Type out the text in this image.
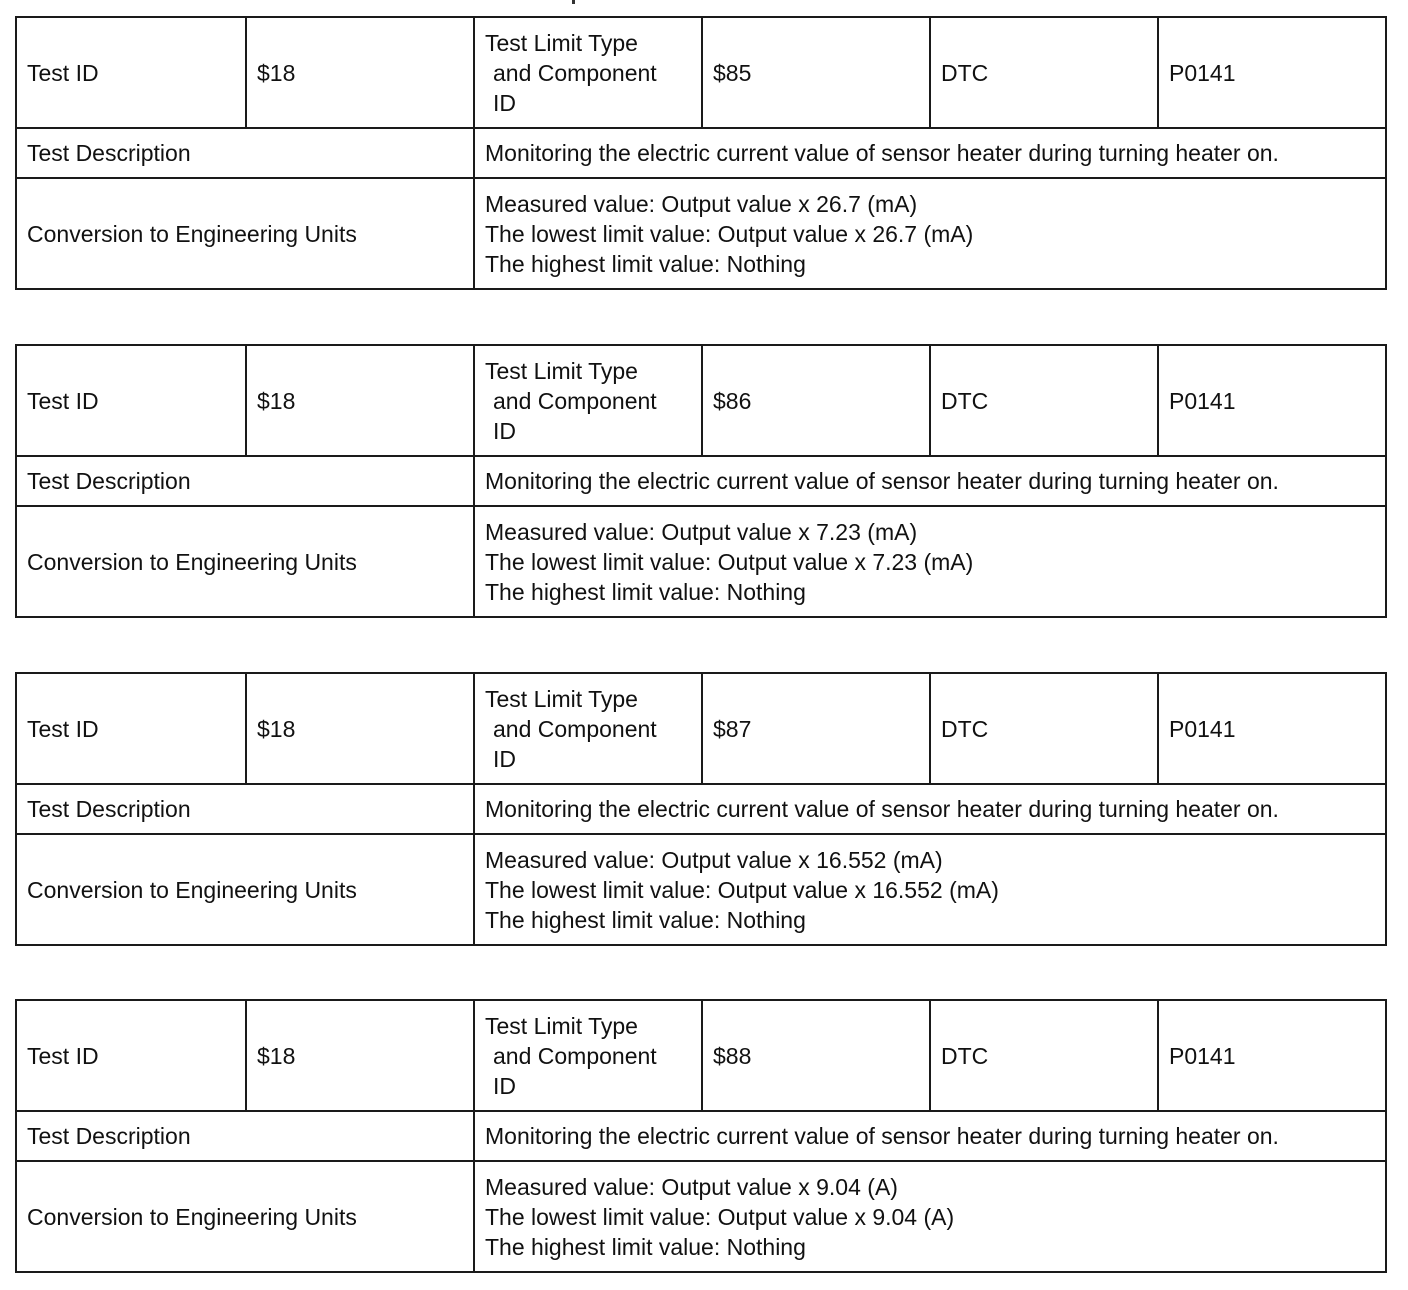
Test ID	$18	Test Limit Type
and Component
ID	$85	DTC	P0141
Test Description		Monitoring the electric current value of sensor heater during turning heater on.			
Conversion to Engineering Units		Measured value: Output value x 26.7 (mA)
The lowest limit value: Output value x 26.7 (mA)
The highest limit value: Nothing			
Test ID	$18	Test Limit Type
and Component
ID	$86	DTC	P0141
Test Description		Monitoring the electric current value of sensor heater during turning heater on.			
Conversion to Engineering Units		Measured value: Output value x 7.23 (mA)
The lowest limit value: Output value x 7.23 (mA)
The highest limit value: Nothing			
Test ID	$18	Test Limit Type
and Component
ID	$87	DTC	P0141
Test Description		Monitoring the electric current value of sensor heater during turning heater on.			
Conversion to Engineering Units		Measured value: Output value x 16.552 (mA)
The lowest limit value: Output value x 16.552 (mA)
The highest limit value: Nothing			
Test ID	$18	Test Limit Type
and Component
ID	$88	DTC	P0141
Test Description		Monitoring the electric current value of sensor heater during turning heater on.			
Conversion to Engineering Units		Measured value: Output value x 9.04 (A)
The lowest limit value: Output value x 9.04 (A)
The highest limit value: Nothing			
